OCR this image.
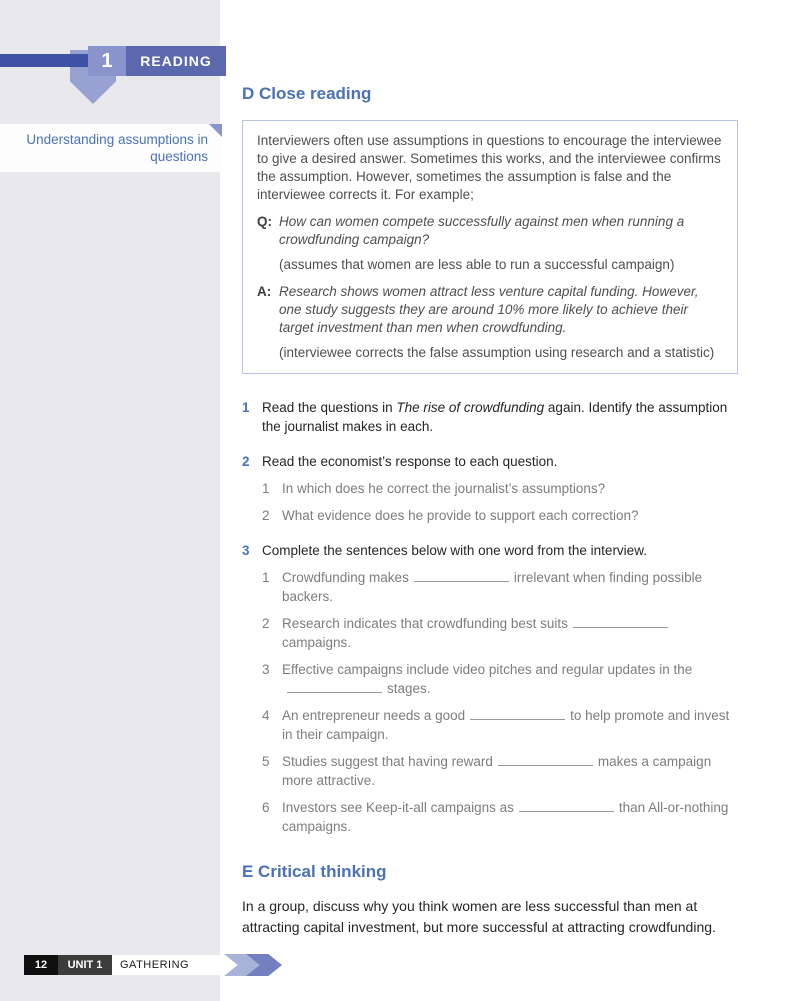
1	READING
Understanding assumptions in questions
D Close reading

Interviewers often use assumptions in questions to encourage the interviewee to give a desired answer. Sometimes this works, and the interviewee confirms the assumption. However, sometimes the assumption is false and the interviewee corrects it. For example;

Q: How can women compete successfully against men when running a crowdfunding campaign?

(assumes that women are less able to run a successful campaign)

A: Research shows women attract less venture capital funding. However, one study suggests they are around 10% more likely to achieve their target investment than men when crowdfunding.

(interviewee corrects the false assumption using research and a statistic)

1 Read the questions in The rise of crowdfunding again. Identify the assumption the journalist makes in each.
2 Read the economist’s response to each question.
1 In which does he correct the journalist’s assumptions?
2 What evidence does he provide to support each correction?
3 Complete the sentences below with one word from the interview.
1 Crowdfunding makes	irrelevant when finding possible backers.
2 Research indicates that crowdfunding best suitscampaigns.
3 Effective campaigns include video pitches and regular updates in thestages.
4 An entrepreneur needs a good	to help promote and invest in their campaign.
5 Studies suggest that having reward	makes a campaign more attractive.
6 Investors see Keep-it-all campaigns as	than All-or-nothing campaigns.
E Critical thinking

In a group, discuss why you think women are less successful than men at attracting capital investment, but more successful at attracting crowdfunding.

12	UNIT 1	GATHERING
